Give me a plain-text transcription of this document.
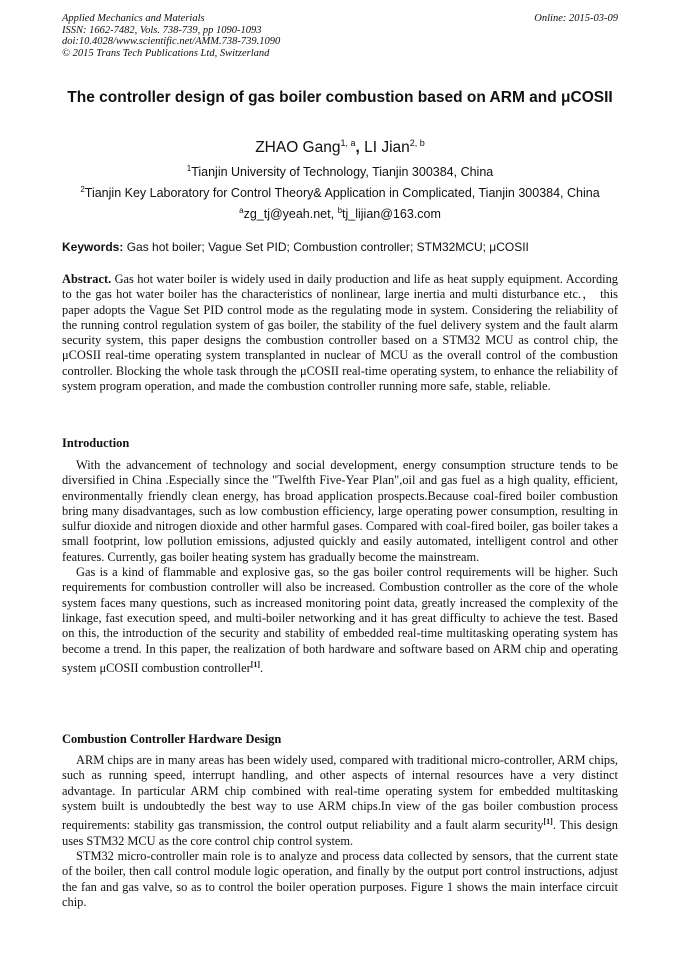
Applied Mechanics and Materials
ISSN: 1662-7482, Vols. 738-739, pp 1090-1093
doi:10.4028/www.scientific.net/AMM.738-739.1090
© 2015 Trans Tech Publications Ltd, Switzerland
Online: 2015-03-09
The controller design of gas boiler combustion based on ARM and μCOSII
ZHAO Gang$^{1, a}$, LI Jian$^{2, b}$
$^1$Tianjin University of Technology, Tianjin 300384, China
$^2$Tianjin Key Laboratory for Control Theory& Application in Complicated, Tianjin 300384, China
$^a$zg_tj@yeah.net, $^b$tj_lijian@163.com
Keywords: Gas hot boiler; Vague Set PID; Combustion controller; STM32MCU; μCOSII

Abstract. Gas hot water boiler is widely used in daily production and life as heat supply equipment. According to the gas hot water boiler has the characteristics of nonlinear, large inertia and multi disturbance etc.， this paper adopts the Vague Set PID control mode as the regulating mode in system. Considering the reliability of the running control regulation system of gas boiler, the stability of the fuel delivery system and the fault alarm security system, this paper designs the combustion controller based on a STM32 MCU as control chip, the μCOSII real-time operating system transplanted in nuclear of MCU as the overall control of the combustion controller. Blocking the whole task through the μCOSII real-time operating system, to enhance the reliability of system program operation, and made the combustion controller running more safe, stable, reliable.

Introduction

With the advancement of technology and social development, energy consumption structure tends to be diversified in China .Especially since the "Twelfth Five-Year Plan",oil and gas fuel as a high quality, efficient, environmentally friendly clean energy, has broad application prospects.Because coal-fired boiler combustion bring many disadvantages, such as low combustion efficiency, large operating power consumption, resulting in sulfur dioxide and nitrogen dioxide and other harmful gases. Compared with coal-fired boiler, gas boiler takes a small footprint, low pollution emissions, adjusted quickly and easily automated, intelligent control and other features. Currently, gas boiler heating system has gradually become the mainstream.

Gas is a kind of flammable and explosive gas, so the gas boiler control requirements will be higher. Such requirements for combustion controller will also be increased. Combustion controller as the core of the whole system faces many questions, such as increased monitoring point data, greatly increased the complexity of the linkage, fast execution speed, and multi-boiler networking and it has great difficulty to achieve the test. Based on this, the introduction of the security and stability of embedded real-time multitasking operating system has become a trend. In this paper, the realization of both hardware and software based on ARM chip and operating system μCOSII combustion controller[1].

Combustion Controller Hardware Design

ARM chips are in many areas has been widely used, compared with traditional micro-controller, ARM chips, such as running speed, interrupt handling, and other aspects of internal resources have a very distinct advantage. In particular ARM chip combined with real-time operating system for embedded multitasking system built is undoubtedly the best way to use ARM chips.In view of the gas boiler combustion process requirements: stability gas transmission, the control output reliability and a fault alarm security[1]. This design uses STM32 MCU as the core control chip control system.

STM32 micro-controller main role is to analyze and process data collected by sensors, that the current state of the boiler, then call control module logic operation, and finally by the output port control instructions, adjust the fan and gas valve, so as to control the boiler operation purposes. Figure 1 shows the main interface circuit chip.
